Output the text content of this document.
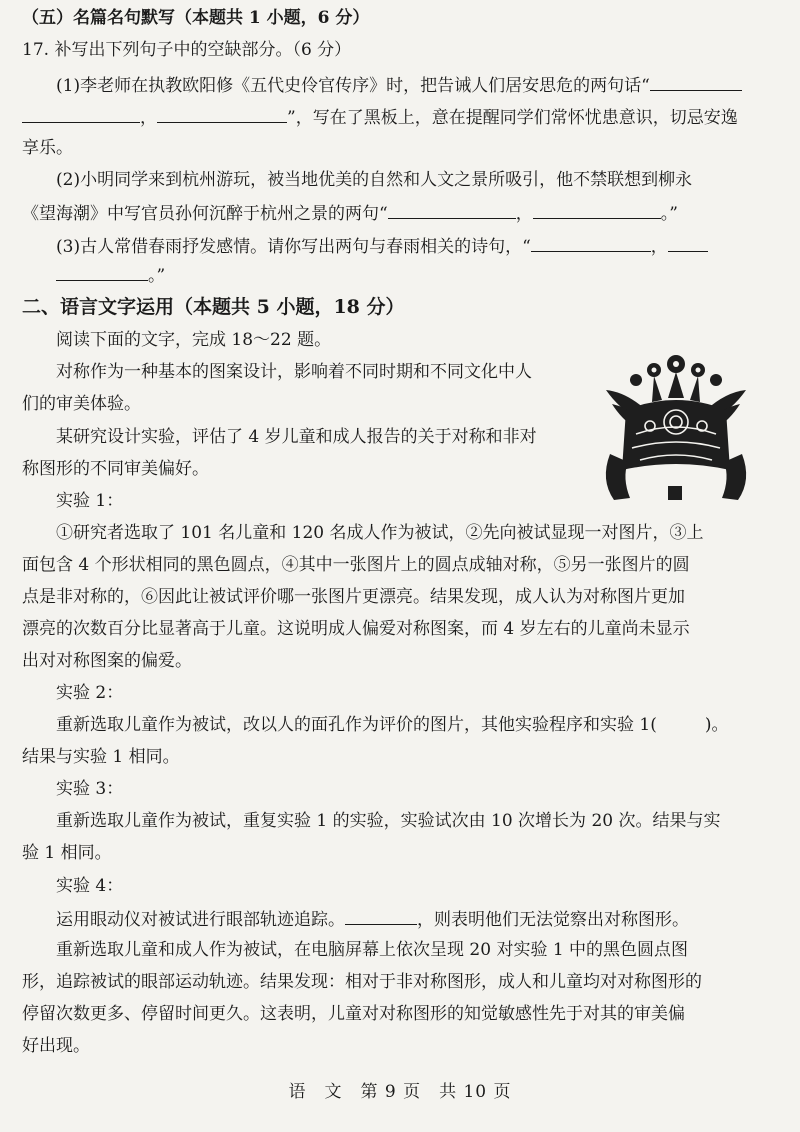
（五）名篇名句默写（本题共 1 小题，6 分）
17. 补写出下列句子中的空缺部分。（6 分）
(1)李老师在执教欧阳修《五代史伶官传序》时，把告诫人们居安思危的两句话“
，	”，写在了黑板上，意在提醒同学们常怀忧患意识，切忌安逸
享乐。
(2)小明同学来到杭州游玩，被当地优美的自然和人文之景所吸引，他不禁联想到柳永
《望海潮》中写官员孙何沉醉于杭州之景的两句“	，	。”
(3)古人常借春雨抒发感情。请你写出两句与春雨相关的诗句，“	，
。”
二、语言文字运用（本题共 5 小题，18 分）
阅读下面的文字，完成 18～22 题。
对称作为一种基本的图案设计，影响着不同时期和不同文化中人
们的审美体验。
某研究设计实验，评估了 4 岁儿童和成人报告的关于对称和非对
称图形的不同审美偏好。
实验 1：
①研究者选取了 101 名儿童和 120 名成人作为被试，②先向被试显现一对图片，③上
面包含 4 个形状相同的黑色圆点，④其中一张图片上的圆点成轴对称，⑤另一张图片的圆
点是非对称的，⑥因此让被试评价哪一张图片更漂亮。结果发现，成人认为对称图片更加
漂亮的次数百分比显著高于儿童。这说明成人偏爱对称图案，而 4 岁左右的儿童尚未显示
出对对称图案的偏爱。
实验 2：
重新选取儿童作为被试，改以人的面孔作为评价的图片，其他实验程序和实验 1(	)。
结果与实验 1 相同。
实验 3：
重新选取儿童作为被试，重复实验 1 的实验，实验试次由 10 次增长为 20 次。结果与实
验 1 相同。
实验 4：
运用眼动仪对被试进行眼部轨迹追踪。	，则表明他们无法觉察出对称图形。
重新选取儿童和成人作为被试，在电脑屏幕上依次呈现 20 对实验 1 中的黑色圆点图
形，追踪被试的眼部运动轨迹。结果发现：相对于非对称图形，成人和儿童均对对称图形的
停留次数更多、停留时间更久。这表明，儿童对对称图形的知觉敏感性先于对其的审美偏
好出现。
语　文　第 9 页　共 10 页
